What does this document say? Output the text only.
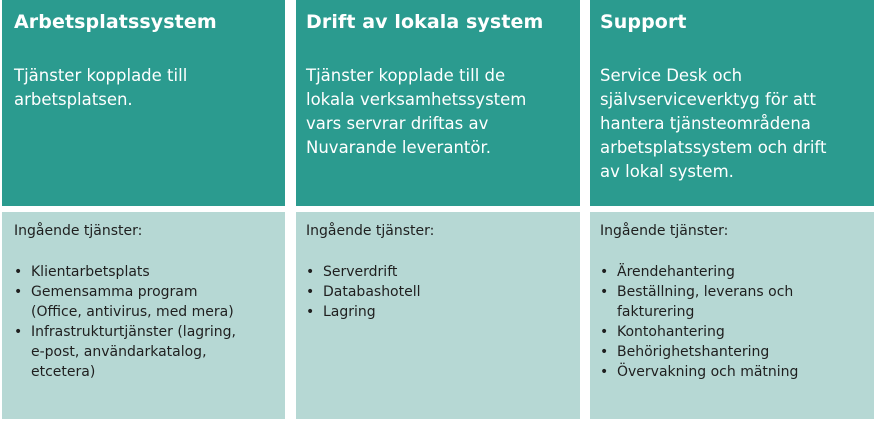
Arbetsplatssystem

Tjänster kopplade till
arbetsplatsen.

Ingående tjänster:

• Klientarbetsplats
• Gemensamma program
(Office, antivirus, med mera)
• Infrastrukturtjänster (lagring,
e-post, användarkatalog,
etcetera)

Drift av lokala system

Tjänster kopplade till de
lokala verksamhetssystem
vars servrar driftas av
Nuvarande leverantör.

Ingående tjänster:

• Serverdrift
• Databashotell
• Lagring

Support

Service Desk och
självserviceverktyg för att
hantera tjänsteområdena
arbetsplatssystem och drift
av lokal system.

Ingående tjänster:

• Ärendehantering
• Beställning, leverans och
fakturering
• Kontohantering
• Behörighetshantering
• Övervakning och mätning
